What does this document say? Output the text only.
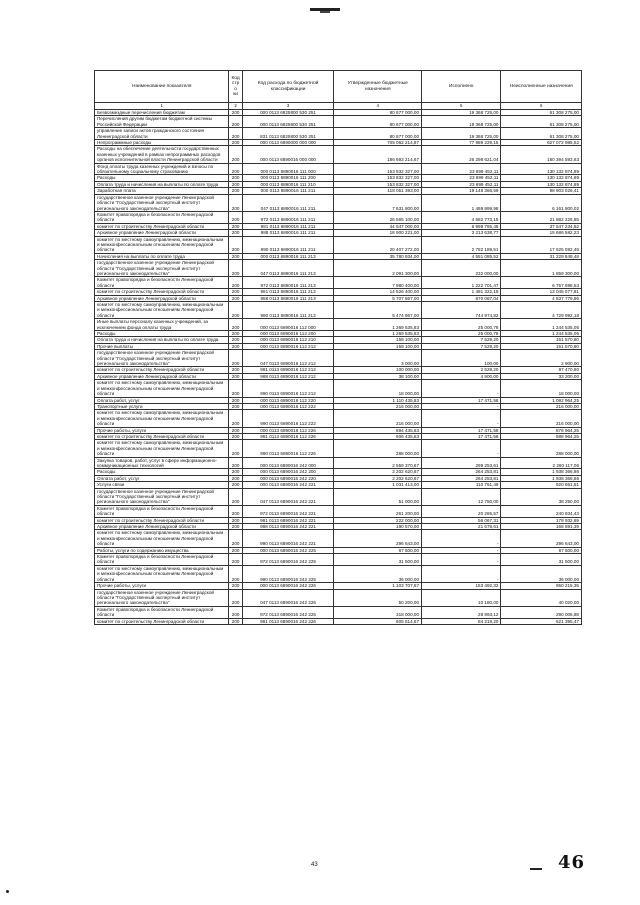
Наименование показателя	Код стро ки	Код расхода по бюджетной классификации	Утвержденные бюджетные назначения	Исполнено	Неисполненные назначения
1	2	3	4	5	6
Безвозмездные перечисления бюджетам	200	000 0113 6825800 530 251	80 677 000,00	19 368 725,00	61 308 275,00
Перечисления другим бюджетам бюджетной системы Российской Федерации	200	000 0113 6825800 530 251	80 677 000,00	19 368 725,00	61 308 275,00
управление записи актов гражданского состояния Ленинградской области	200	831 0113 6825800 530 251	80 677 000,00	19 368 725,00	61 308 275,00
Непрограммные расходы	200	000 0113 6890000 000 000	705 062 214,87	77 989 229,15	627 072 985,52
Расходы на обеспечение деятельности государственных казенных учреждений в рамках непрограммных расходов органов исполнительной власти Ленинградской области	200	000 0113 6890016 000 000	186 693 214,67	26 298 621,04	160 394 593,63
Фонд оплаты труда казенных учреждений и взносы по обязательному социальному страхованию	200	000 0113 6890016 111 000	153 832 327,00	23 699 452,11	130 132 874,89
Расходы	200	000 0113 6890016 111 200	153 832 327,00	23 699 452,11	130 132 874,89
Оплата труда и начисления на выплаты по оплате труда	200	000 0113 6890016 111 210	153 832 327,00	23 699 452,11	130 132 874,89
Заработная плата	200	000 0113 6890016 111 211	118 051 393,00	19 148 366,59	98 903 026,41
государственное казенное учреждение Ленинградской области "Государственный экспертный институт регионального законодательства"	200	047 0113 6890016 111 211	7 631 800,00	1 469 999,98	6 161 800,02
Комитет правопорядка и безопасности Ленинградской области	200	972 0113 6890016 111 211	26 565 100,00	4 682 773,15	21 882 326,85
комитет по строительству Ленинградской области	200	981 0113 6890016 111 211	44 547 000,00	6 999 765,48	37 547 234,52
Архивное управление Ленинградской области	200	988 0113 6890016 111 211	18 900 221,00	3 213 638,77	15 686 582,23
комитет по местному самоуправлению, межнациональным и межконфессиональным отношениям Ленинградской области	200	990 0113 6890016 111 211	20 407 272,00	2 782 189,51	17 625 082,49
Начисления на выплаты по оплате труда	200	000 0113 6890016 111 213	35 780 934,00	4 551 085,52	31 229 848,48
государственное казенное учреждение Ленинградской области "Государственный экспертный институт регионального законодательства"	200	047 0113 6890016 111 213	2 091 300,00	232 000,00	1 859 300,00
Комитет правопорядка и безопасности Ленинградской области	200	972 0113 6890016 111 213	7 980 400,00	1 222 701,47	6 757 698,53
комитет по строительству Ленинградской области	200	981 0113 6890016 111 213	14 526 400,00	1 481 322,19	13 045 077,81
Архивное управление Ленинградской области	200	988 0113 6890016 111 213	5 707 867,00	870 087,04	4 837 779,96
комитет по местному самоуправлению, межнациональным и межконфессиональным отношениям Ленинградской области	200	990 0113 6890016 111 213	5 474 967,00	744 974,82	4 729 992,18
Иные выплаты персоналу казенных учреждений, за исключением фонда оплаты труда	200	000 0113 6890016 112 000	1 269 535,83	25 000,78	1 244 535,05
Расходы	200	000 0113 6890016 112 200	1 269 535,83	25 000,78	1 244 535,05
Оплата труда и начисления на выплаты по оплате труда	200	000 0113 6890016 112 210	159 100,00	7 529,20	151 570,80
Прочие выплаты	200	000 0113 6890016 112 212	159 100,00	7 529,20	151 570,80
государственное казенное учреждение Ленинградской области "Государственный экспертный институт регионального законодательства"	200	047 0113 6890016 112 212	3 000,00	100,00	2 900,00
комитет по строительству Ленинградской области	200	981 0113 6890016 112 212	100 000,00	2 529,20	97 470,80
Архивное управление Ленинградской области	200	988 0113 6890016 112 212	38 100,00	4 900,00	33 200,00
комитет по местному самоуправлению, межнациональным и межконфессиональным отношениям Ленинградской области	200	990 0113 6890016 112 212	18 000,00	-	18 000,00
Оплата работ, услуг	200	000 0113 6890016 112 220	1 110 435,83	17 471,58	1 092 964,25
Транспортные услуги	200	000 0113 6890016 112 222	216 000,00	-	216 000,00
комитет по местному самоуправлению, межнациональным и межконфессиональным отношениям Ленинградской области	200	990 0113 6890016 112 222	216 000,00	-	216 000,00
Прочие работы, услуги	200	000 0113 6890016 112 226	894 435,83	17 471,58	876 964,25
комитет по строительству Ленинградской области	200	981 0113 6890016 112 226	606 435,83	17 471,58	588 964,25
комитет по местному самоуправлению, межнациональным и межконфессиональным отношениям Ленинградской области	200	990 0113 6890016 112 226	288 000,00	-	288 000,00
Закупка товаров, работ, услуг в сфере информационно-коммуникационных технологий	200	000 0113 6890016 242 000	2 559 370,67	299 253,61	2 260 117,06
Расходы	200	000 0113 6890016 242 200	2 202 620,67	264 253,81	1 938 366,86
Оплата работ, услуг	200	000 0113 6890016 242 220	2 202 620,67	264 253,81	1 938 366,86
Услуги связи	200	000 0113 6890016 242 221	1 031 413,00	110 761,49	920 651,51
государственное казенное учреждение Ленинградской области "Государственный экспертный институт регионального законодательства"	200	047 0113 6890016 242 221	51 000,00	12 750,00	38 250,00
Комитет правопорядка и безопасности Ленинградской области	200	972 0113 6890016 242 221	261 200,00	20 265,57	240 934,43
комитет по строительству Ленинградской области	200	981 0113 6890016 242 221	222 000,00	56 067,31	178 932,69
Архивное управление Ленинградской области	200	988 0113 6890016 242 221	190 570,00	21 678,61	168 891,39
комитет по местному самоуправлению, межнациональным и межконфессиональным отношениям Ленинградской области	200	990 0113 6890016 242 221	296 643,00	-	296 643,00
Работы, услуги по содержанию имущества	200	000 0113 6890016 242 225	67 500,00	-	67 500,00
Комитет правопорядка и безопасности Ленинградской области	200	972 0113 6890016 242 225	31 500,00	-	31 500,00
комитет по местному самоуправлению, межнациональным и межконфессиональным отношениям Ленинградской области	200	990 0113 6890016 242 225	36 000,00	-	36 000,00
Прочие работы, услуги	200	000 0113 6890016 242 226	1 103 707,67	153 492,32	950 215,35
государственное казенное учреждение Ленинградской области "Государственный экспертный институт регионального законодательства"	200	047 0113 6890016 242 226	50 200,00	10 180,00	40 020,00
Комитет правопорядка и безопасности Ленинградской области	200	972 0113 6890016 242 226	318 000,00	28 993,12	290 006,88
комитет по строительству Ленинградской области	200	981 0113 6890016 242 226	605 614,67	84 219,20	521 395,47
43	46
